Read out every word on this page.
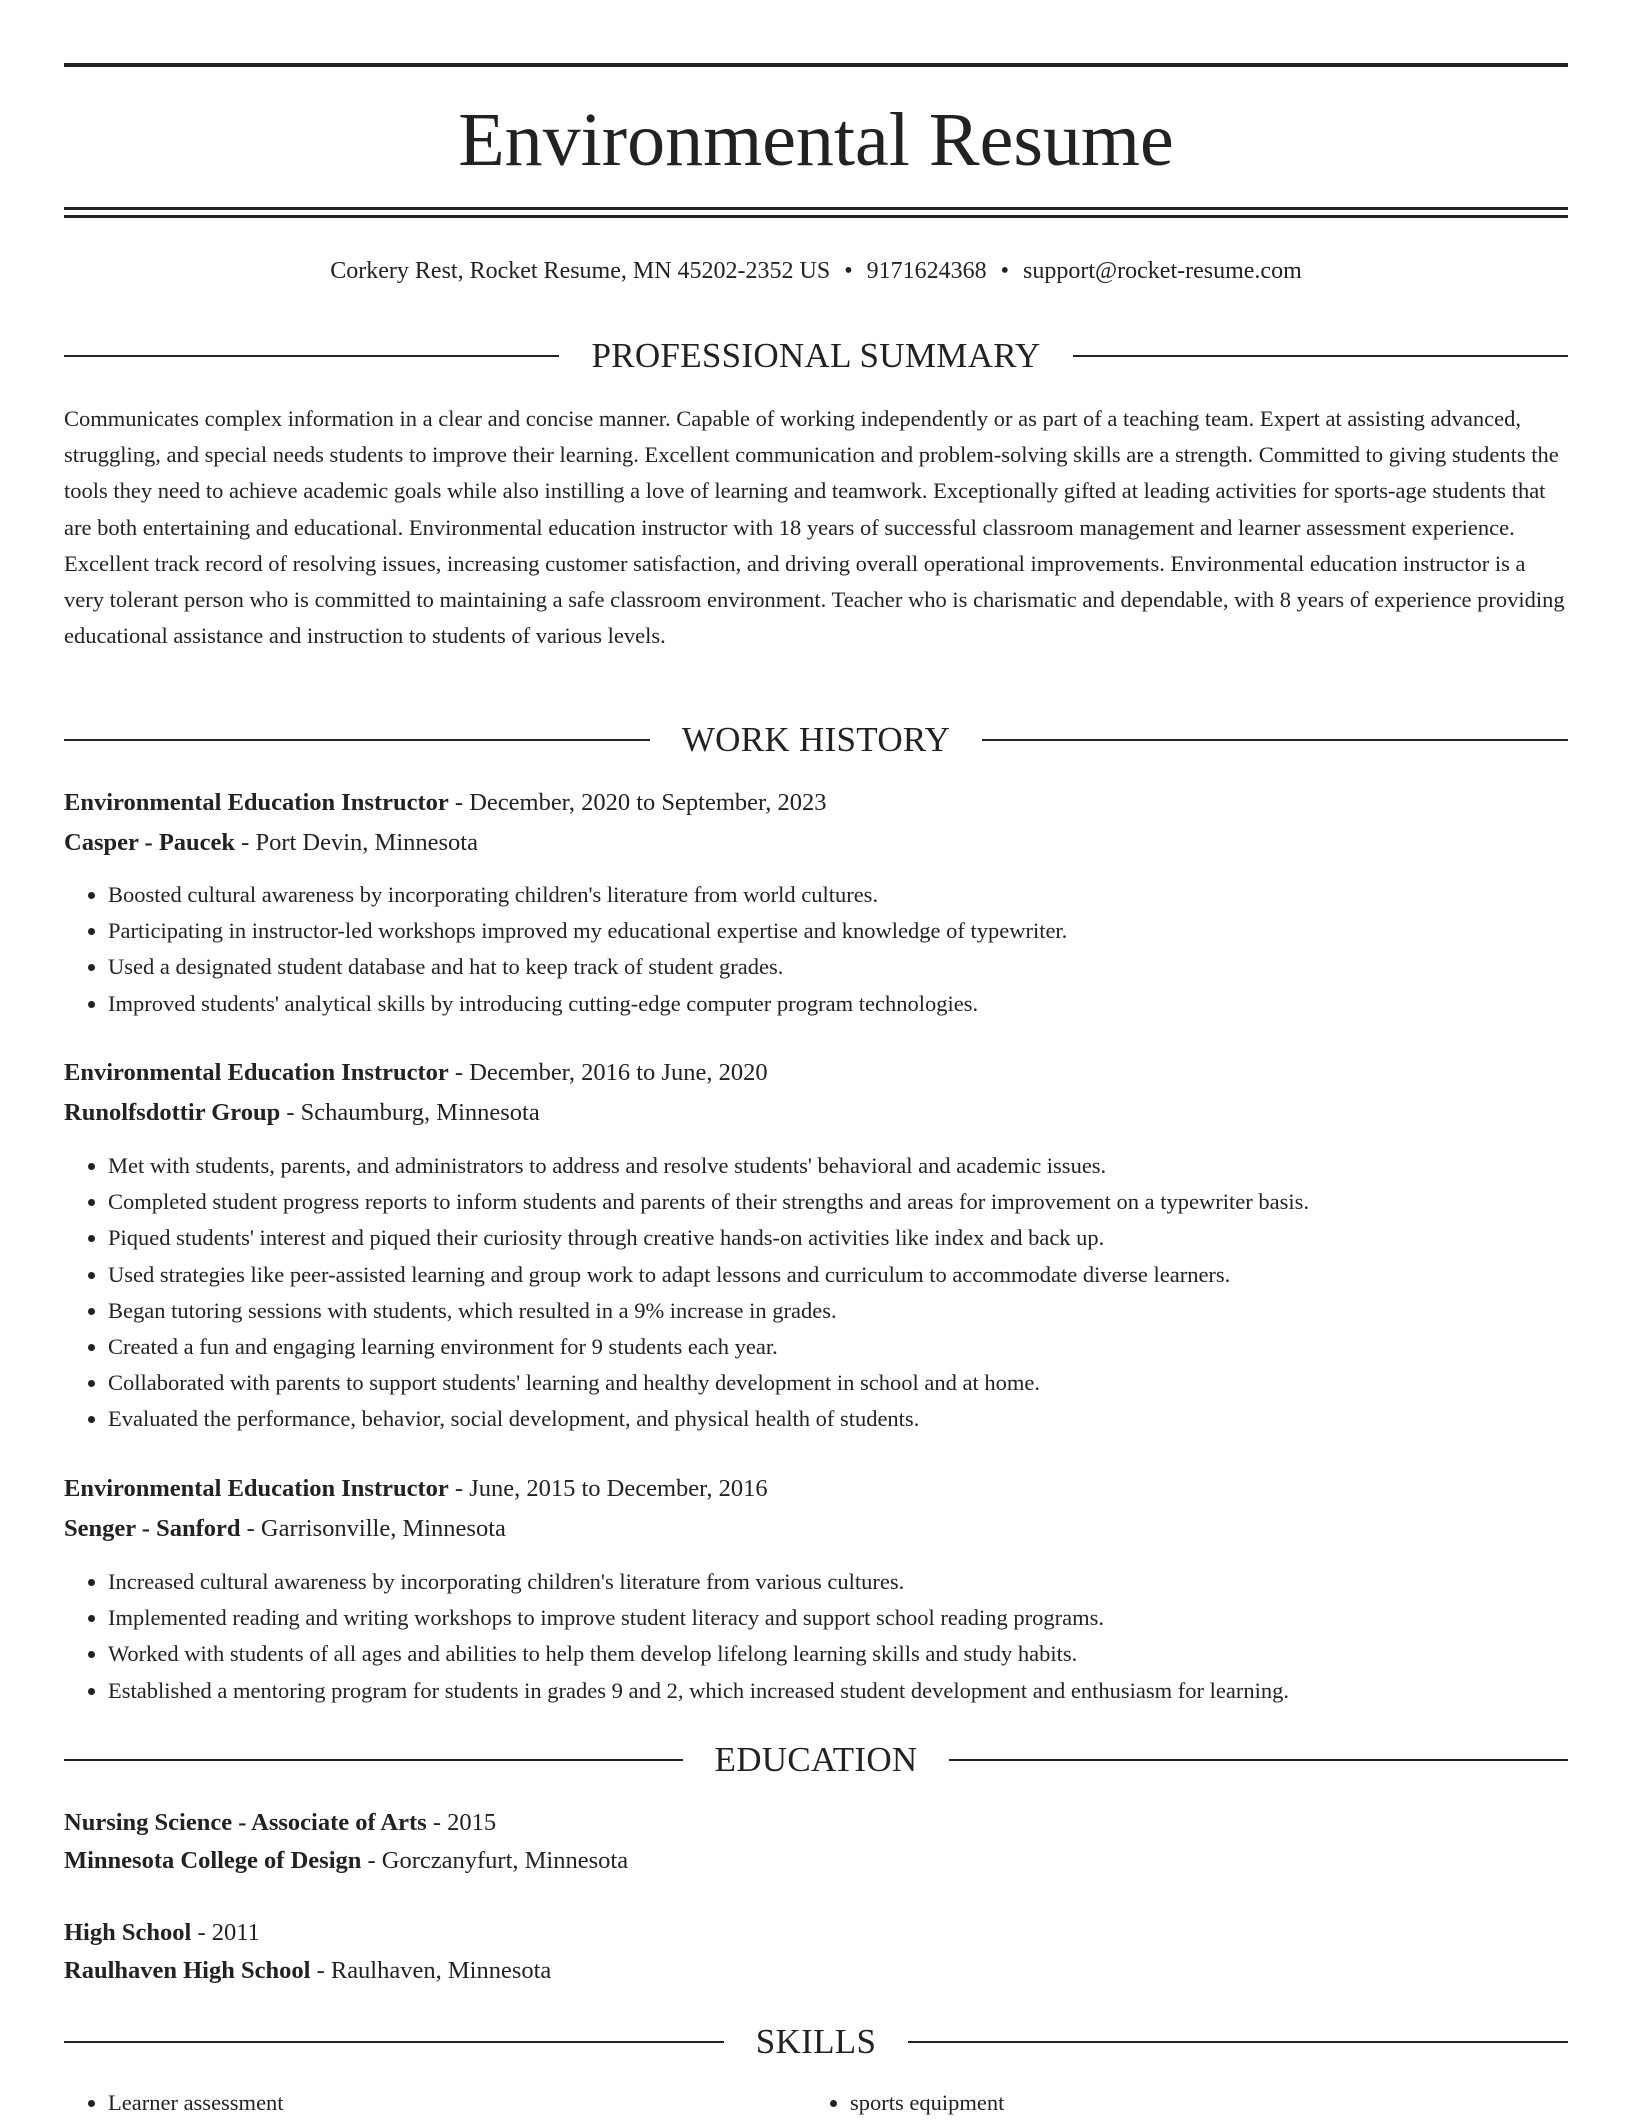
Environmental Resume
Corkery Rest, Rocket Resume, MN 45202-2352 US • 9171624368 • support@rocket-resume.com
PROFESSIONAL SUMMARY

Communicates complex information in a clear and concise manner. Capable of working independently or as part of a teaching team. Expert at assisting advanced, struggling, and special needs students to improve their learning. Excellent communication and problem-solving skills are a strength. Committed to giving students the tools they need to achieve academic goals while also instilling a love of learning and teamwork. Exceptionally gifted at leading activities for sports-age students that are both entertaining and educational. Environmental education instructor with 18 years of successful classroom management and learner assessment experience. Excellent track record of resolving issues, increasing customer satisfaction, and driving overall operational improvements. Environmental education instructor is a very tolerant person who is committed to maintaining a safe classroom environment. Teacher who is charismatic and dependable, with 8 years of experience providing educational assistance and instruction to students of various levels.

WORK HISTORY
Environmental Education Instructor - December, 2020 to September, 2023
Casper - Paucek - Port Devin, Minnesota
• Boosted cultural awareness by incorporating children's literature from world cultures.
• Participating in instructor-led workshops improved my educational expertise and knowledge of typewriter.
• Used a designated student database and hat to keep track of student grades.
• Improved students' analytical skills by introducing cutting-edge computer program technologies.
Environmental Education Instructor - December, 2016 to June, 2020
Runolfsdottir Group - Schaumburg, Minnesota
• Met with students, parents, and administrators to address and resolve students' behavioral and academic issues.
• Completed student progress reports to inform students and parents of their strengths and areas for improvement on a typewriter basis.
• Piqued students' interest and piqued their curiosity through creative hands-on activities like index and back up.
• Used strategies like peer-assisted learning and group work to adapt lessons and curriculum to accommodate diverse learners.
• Began tutoring sessions with students, which resulted in a 9% increase in grades.
• Created a fun and engaging learning environment for 9 students each year.
• Collaborated with parents to support students' learning and healthy development in school and at home.
• Evaluated the performance, behavior, social development, and physical health of students.
Environmental Education Instructor - June, 2015 to December, 2016
Senger - Sanford - Garrisonville, Minnesota
• Increased cultural awareness by incorporating children's literature from various cultures.
• Implemented reading and writing workshops to improve student literacy and support school reading programs.
• Worked with students of all ages and abilities to help them develop lifelong learning skills and study habits.
• Established a mentoring program for students in grades 9 and 2, which increased student development and enthusiasm for learning.
EDUCATION
Nursing Science - Associate of Arts - 2015
Minnesota College of Design - Gorczanyfurt, Minnesota
High School - 2011
Raulhaven High School - Raulhaven, Minnesota
SKILLS
• Learner assessment
•	sports equipment
